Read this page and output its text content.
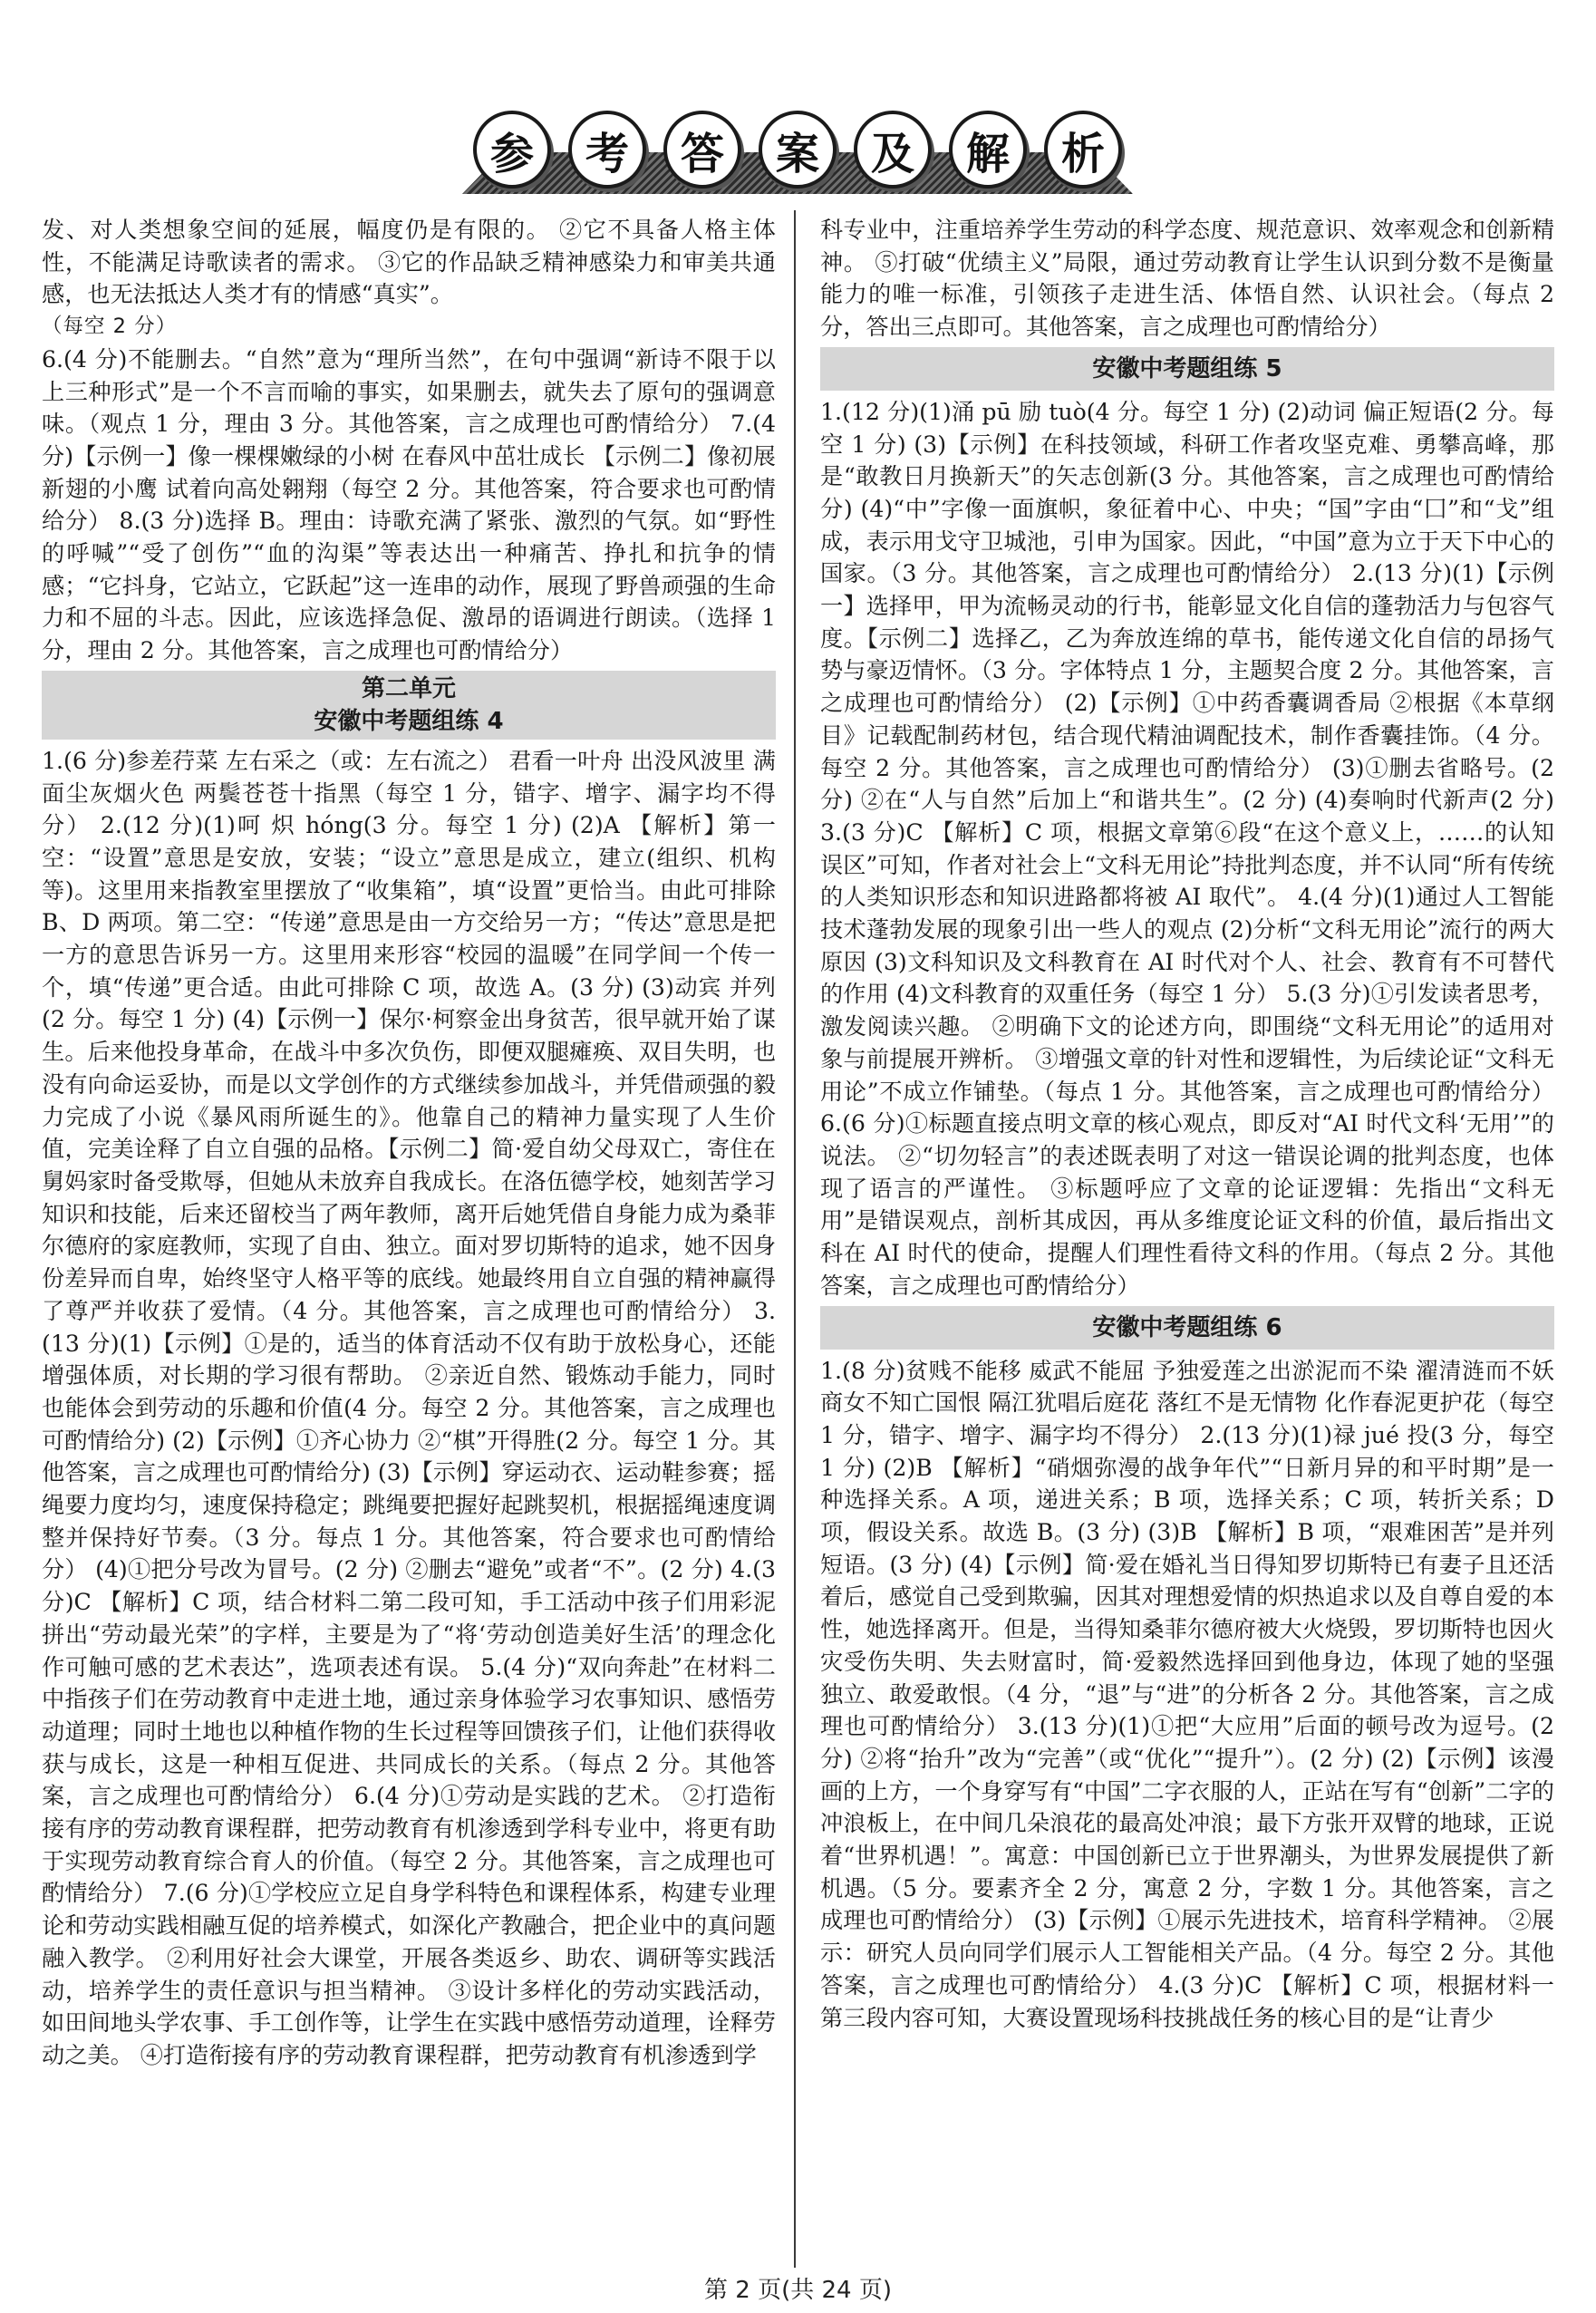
参	考	答	案	及	解	析

发、对人类想象空间的延展，幅度仍是有限的。 ②它不具备人格主体性，不能满足诗歌读者的需求。 ③它的作品缺乏精神感染力和审美共通感，也无法抵达人类才有的情感“真实”。

（每空 2 分）

6.(4 分)不能删去。“自然”意为“理所当然”，在句中强调“新诗不限于以上三种形式”是一个不言而喻的事实，如果删去，就失去了原句的强调意味。（观点 1 分，理由 3 分。其他答案，言之成理也可酌情给分） 7.(4 分)【示例一】像一棵棵嫩绿的小树 在春风中茁壮成长 【示例二】像初展新翅的小鹰 试着向高处翱翔（每空 2 分。其他答案，符合要求也可酌情给分） 8.(3 分)选择 B。理由：诗歌充满了紧张、激烈的气氛。如“野性的呼喊”“受了创伤”“血的沟渠”等表达出一种痛苦、挣扎和抗争的情感；“它抖身，它站立，它跃起”这一连串的动作，展现了野兽顽强的生命力和不屈的斗志。因此，应该选择急促、激昂的语调进行朗读。（选择 1 分，理由 2 分。其他答案，言之成理也可酌情给分）

第二单元
安徽中考题组练 4

1.(6 分)参差荇菜 左右采之（或：左右流之） 君看一叶舟 出没风波里 满面尘灰烟火色 两鬓苍苍十指黑（每空 1 分，错字、增字、漏字均不得分） 2.(12 分)(1)呵 炽 hóng(3 分。每空 1 分) (2)A 【解析】第一空：“设置”意思是安放，安装；“设立”意思是成立，建立(组织、机构等)。这里用来指教室里摆放了“收集箱”，填“设置”更恰当。由此可排除 B、D 两项。第二空：“传递”意思是由一方交给另一方；“传达”意思是把一方的意思告诉另一方。这里用来形容“校园的温暖”在同学间一个传一个，填“传递”更合适。由此可排除 C 项，故选 A。(3 分) (3)动宾 并列(2 分。每空 1 分) (4)【示例一】保尔·柯察金出身贫苦，很早就开始了谋生。后来他投身革命，在战斗中多次负伤，即便双腿瘫痪、双目失明，也没有向命运妥协，而是以文学创作的方式继续参加战斗，并凭借顽强的毅力完成了小说《暴风雨所诞生的》。他靠自己的精神力量实现了人生价值，完美诠释了自立自强的品格。【示例二】简·爱自幼父母双亡，寄住在舅妈家时备受欺辱，但她从未放弃自我成长。在洛伍德学校，她刻苦学习知识和技能，后来还留校当了两年教师，离开后她凭借自身能力成为桑菲尔德府的家庭教师，实现了自由、独立。面对罗切斯特的追求，她不因身份差异而自卑，始终坚守人格平等的底线。她最终用自立自强的精神赢得了尊严并收获了爱情。（4 分。其他答案，言之成理也可酌情给分） 3.(13 分)(1)【示例】①是的，适当的体育活动不仅有助于放松身心，还能增强体质，对长期的学习很有帮助。 ②亲近自然、锻炼动手能力，同时也能体会到劳动的乐趣和价值(4 分。每空 2 分。其他答案，言之成理也可酌情给分) (2)【示例】①齐心协力 ②“棋”开得胜(2 分。每空 1 分。其他答案，言之成理也可酌情给分) (3)【示例】穿运动衣、运动鞋参赛；摇绳要力度均匀，速度保持稳定；跳绳要把握好起跳契机，根据摇绳速度调整并保持好节奏。（3 分。每点 1 分。其他答案，符合要求也可酌情给分） (4)①把分号改为冒号。(2 分) ②删去“避免”或者“不”。(2 分) 4.(3 分)C 【解析】C 项，结合材料二第二段可知，手工活动中孩子们用彩泥拼出“劳动最光荣”的字样，主要是为了“将‘劳动创造美好生活’的理念化作可触可感的艺术表达”，选项表述有误。 5.(4 分)“双向奔赴”在材料二中指孩子们在劳动教育中走进土地，通过亲身体验学习农事知识、感悟劳动道理；同时土地也以种植作物的生长过程等回馈孩子们，让他们获得收获与成长，这是一种相互促进、共同成长的关系。（每点 2 分。其他答案，言之成理也可酌情给分） 6.(4 分)①劳动是实践的艺术。 ②打造衔接有序的劳动教育课程群，把劳动教育有机渗透到学科专业中，将更有助于实现劳动教育综合育人的价值。（每空 2 分。其他答案，言之成理也可酌情给分） 7.(6 分)①学校应立足自身学科特色和课程体系，构建专业理论和劳动实践相融互促的培养模式，如深化产教融合，把企业中的真问题融入教学。 ②利用好社会大课堂，开展各类返乡、助农、调研等实践活动，培养学生的责任意识与担当精神。 ③设计多样化的劳动实践活动，如田间地头学农事、手工创作等，让学生在实践中感悟劳动道理，诠释劳动之美。 ④打造衔接有序的劳动教育课程群，把劳动教育有机渗透到学

科专业中，注重培养学生劳动的科学态度、规范意识、效率观念和创新精神。 ⑤打破“优绩主义”局限，通过劳动教育让学生认识到分数不是衡量能力的唯一标准，引领孩子走进生活、体悟自然、认识社会。（每点 2 分，答出三点即可。其他答案，言之成理也可酌情给分）

安徽中考题组练 5

1.(12 分)(1)涌 pū 励 tuò(4 分。每空 1 分) (2)动词 偏正短语(2 分。每空 1 分) (3)【示例】在科技领域，科研工作者攻坚克难、勇攀高峰，那是“敢教日月换新天”的矢志创新(3 分。其他答案，言之成理也可酌情给分) (4)“中”字像一面旗帜，象征着中心、中央；“国”字由“囗”和“戈”组成，表示用戈守卫城池，引申为国家。因此，“中国”意为立于天下中心的国家。（3 分。其他答案，言之成理也可酌情给分） 2.(13 分)(1)【示例一】选择甲，甲为流畅灵动的行书，能彰显文化自信的蓬勃活力与包容气度。【示例二】选择乙，乙为奔放连绵的草书，能传递文化自信的昂扬气势与豪迈情怀。（3 分。字体特点 1 分，主题契合度 2 分。其他答案，言之成理也可酌情给分） (2)【示例】①中药香囊调香局 ②根据《本草纲目》记载配制药材包，结合现代精油调配技术，制作香囊挂饰。（4 分。每空 2 分。其他答案，言之成理也可酌情给分） (3)①删去省略号。(2 分) ②在“人与自然”后加上“和谐共生”。(2 分) (4)奏响时代新声(2 分) 3.(3 分)C 【解析】C 项，根据文章第⑥段“在这个意义上，……的认知误区”可知，作者对社会上“文科无用论”持批判态度，并不认同“所有传统的人类知识形态和知识进路都将被 AI 取代”。 4.(4 分)(1)通过人工智能技术蓬勃发展的现象引出一些人的观点 (2)分析“文科无用论”流行的两大原因 (3)文科知识及文科教育在 AI 时代对个人、社会、教育有不可替代的作用 (4)文科教育的双重任务（每空 1 分） 5.(3 分)①引发读者思考，激发阅读兴趣。 ②明确下文的论述方向，即围绕“文科无用论”的适用对象与前提展开辨析。 ③增强文章的针对性和逻辑性，为后续论证“文科无用论”不成立作铺垫。（每点 1 分。其他答案，言之成理也可酌情给分） 6.(6 分)①标题直接点明文章的核心观点，即反对“AI 时代文科‘无用’”的说法。 ②“切勿轻言”的表述既表明了对这一错误论调的批判态度，也体现了语言的严谨性。 ③标题呼应了文章的论证逻辑：先指出“文科无用”是错误观点，剖析其成因，再从多维度论证文科的价值，最后指出文科在 AI 时代的使命，提醒人们理性看待文科的作用。（每点 2 分。其他答案，言之成理也可酌情给分）

安徽中考题组练 6

1.(8 分)贫贱不能移 威武不能屈 予独爱莲之出淤泥而不染 濯清涟而不妖 商女不知亡国恨 隔江犹唱后庭花 落红不是无情物 化作春泥更护花（每空 1 分，错字、增字、漏字均不得分） 2.(13 分)(1)禄 jué 投(3 分，每空 1 分) (2)B 【解析】“硝烟弥漫的战争年代”“日新月异的和平时期”是一种选择关系。A 项，递进关系；B 项，选择关系；C 项，转折关系；D 项，假设关系。故选 B。(3 分) (3)B 【解析】B 项，“艰难困苦”是并列短语。(3 分) (4)【示例】简·爱在婚礼当日得知罗切斯特已有妻子且还活着后，感觉自己受到欺骗，因其对理想爱情的炽热追求以及自尊自爱的本性，她选择离开。但是，当得知桑菲尔德府被大火烧毁，罗切斯特也因火灾受伤失明、失去财富时，简·爱毅然选择回到他身边，体现了她的坚强独立、敢爱敢恨。（4 分，“退”与“进”的分析各 2 分。其他答案，言之成理也可酌情给分） 3.(13 分)(1)①把“大应用”后面的顿号改为逗号。(2 分) ②将“抬升”改为“完善”（或“优化”“提升”）。(2 分) (2)【示例】该漫画的上方，一个身穿写有“中国”二字衣服的人，正站在写有“创新”二字的冲浪板上，在中间几朵浪花的最高处冲浪；最下方张开双臂的地球，正说着“世界机遇！”。寓意：中国创新已立于世界潮头，为世界发展提供了新机遇。（5 分。要素齐全 2 分，寓意 2 分，字数 1 分。其他答案，言之成理也可酌情给分） (3)【示例】①展示先进技术，培育科学精神。 ②展示：研究人员向同学们展示人工智能相关产品。（4 分。每空 2 分。其他答案，言之成理也可酌情给分） 4.(3 分)C 【解析】C 项，根据材料一第三段内容可知，大赛设置现场科技挑战任务的核心目的是“让青少

第 2 页(共 24 页)
